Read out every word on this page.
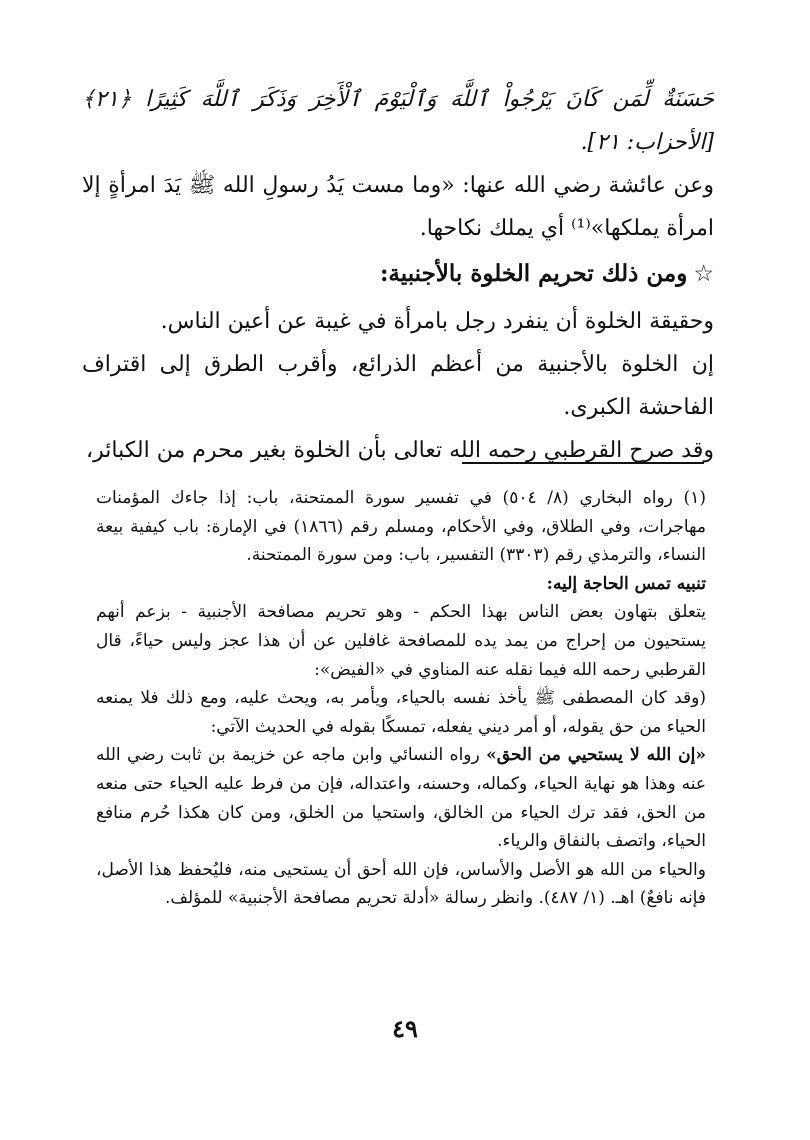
حَسَنَةٌ لِّمَن كَانَ يَرْجُواْ ٱللَّهَ وَٱلْيَوْمَ ٱلْأَخِرَ وَذَكَرَ ٱللَّهَ كَثِيرًا ﴿٢١﴾ [الأحزاب: ٢١].

وعن عائشة رضي الله عنها: «وما مست يَدُ رسولِ الله ﷺ يَدَ امرأةٍ إلا امرأة يملكها»⁽¹⁾ أي يملك نكاحها.

☆ومن ذلك تحريم الخلوة بالأجنبية:

وحقيقة الخلوة أن ينفرد رجل بامرأة في غيبة عن أعين الناس.

إن الخلوة بالأجنبية من أعظم الذرائع، وأقرب الطرق إلى اقتراف الفاحشة الكبرى.

وقد صرح القرطبي رحمه الله تعالى بأن الخلوة بغير محرم من الكبائر،

(١) رواه البخاري (٨/ ٥٠٤) في تفسير سورة الممتحنة، باب: إذا جاءك المؤمنات مهاجرات، وفي الطلاق، وفي الأحكام، ومسلم رقم (١٨٦٦) في الإمارة: باب كيفية بيعة النساء، والترمذي رقم (٣٣٠٣) التفسير، باب: ومن سورة الممتحنة.

تنبيه تمس الحاجة إليه:

يتعلق بتهاون بعض الناس بهذا الحكم - وهو تحريم مصافحة الأجنبية - بزعم أنهم يستحيون من إحراج من يمد يده للمصافحة غافلين عن أن هذا عجز وليس حياءً، قال القرطبي رحمه الله فيما نقله عنه المناوي في «الفيض»:

(وقد كان المصطفى ﷺ يأخذ نفسه بالحياء، ويأمر به، ويحث عليه، ومع ذلك فلا يمنعه الحياء من حق يقوله، أو أمر ديني يفعله، تمسكًا بقوله في الحديث الآتي:

«إن الله لا يستحيي من الحق» رواه النسائي وابن ماجه عن خزيمة بن ثابت رضي الله عنه وهذا هو نهاية الحياء، وكماله، وحسنه، واعتداله، فإن من فرط عليه الحياء حتى منعه من الحق، فقد ترك الحياء من الخالق، واستحيا من الخلق، ومن كان هكذا حُرم منافع الحياء، واتصف بالنفاق والرياء.

والحياء من الله هو الأصل والأساس، فإن الله أحق أن يستحيى منه، فليُحفظ هذا الأصل، فإنه نافعٌ) اهـ. (١/ ٤٨٧). وانظر رسالة «أدلة تحريم مصافحة الأجنبية» للمؤلف.

٤٩
